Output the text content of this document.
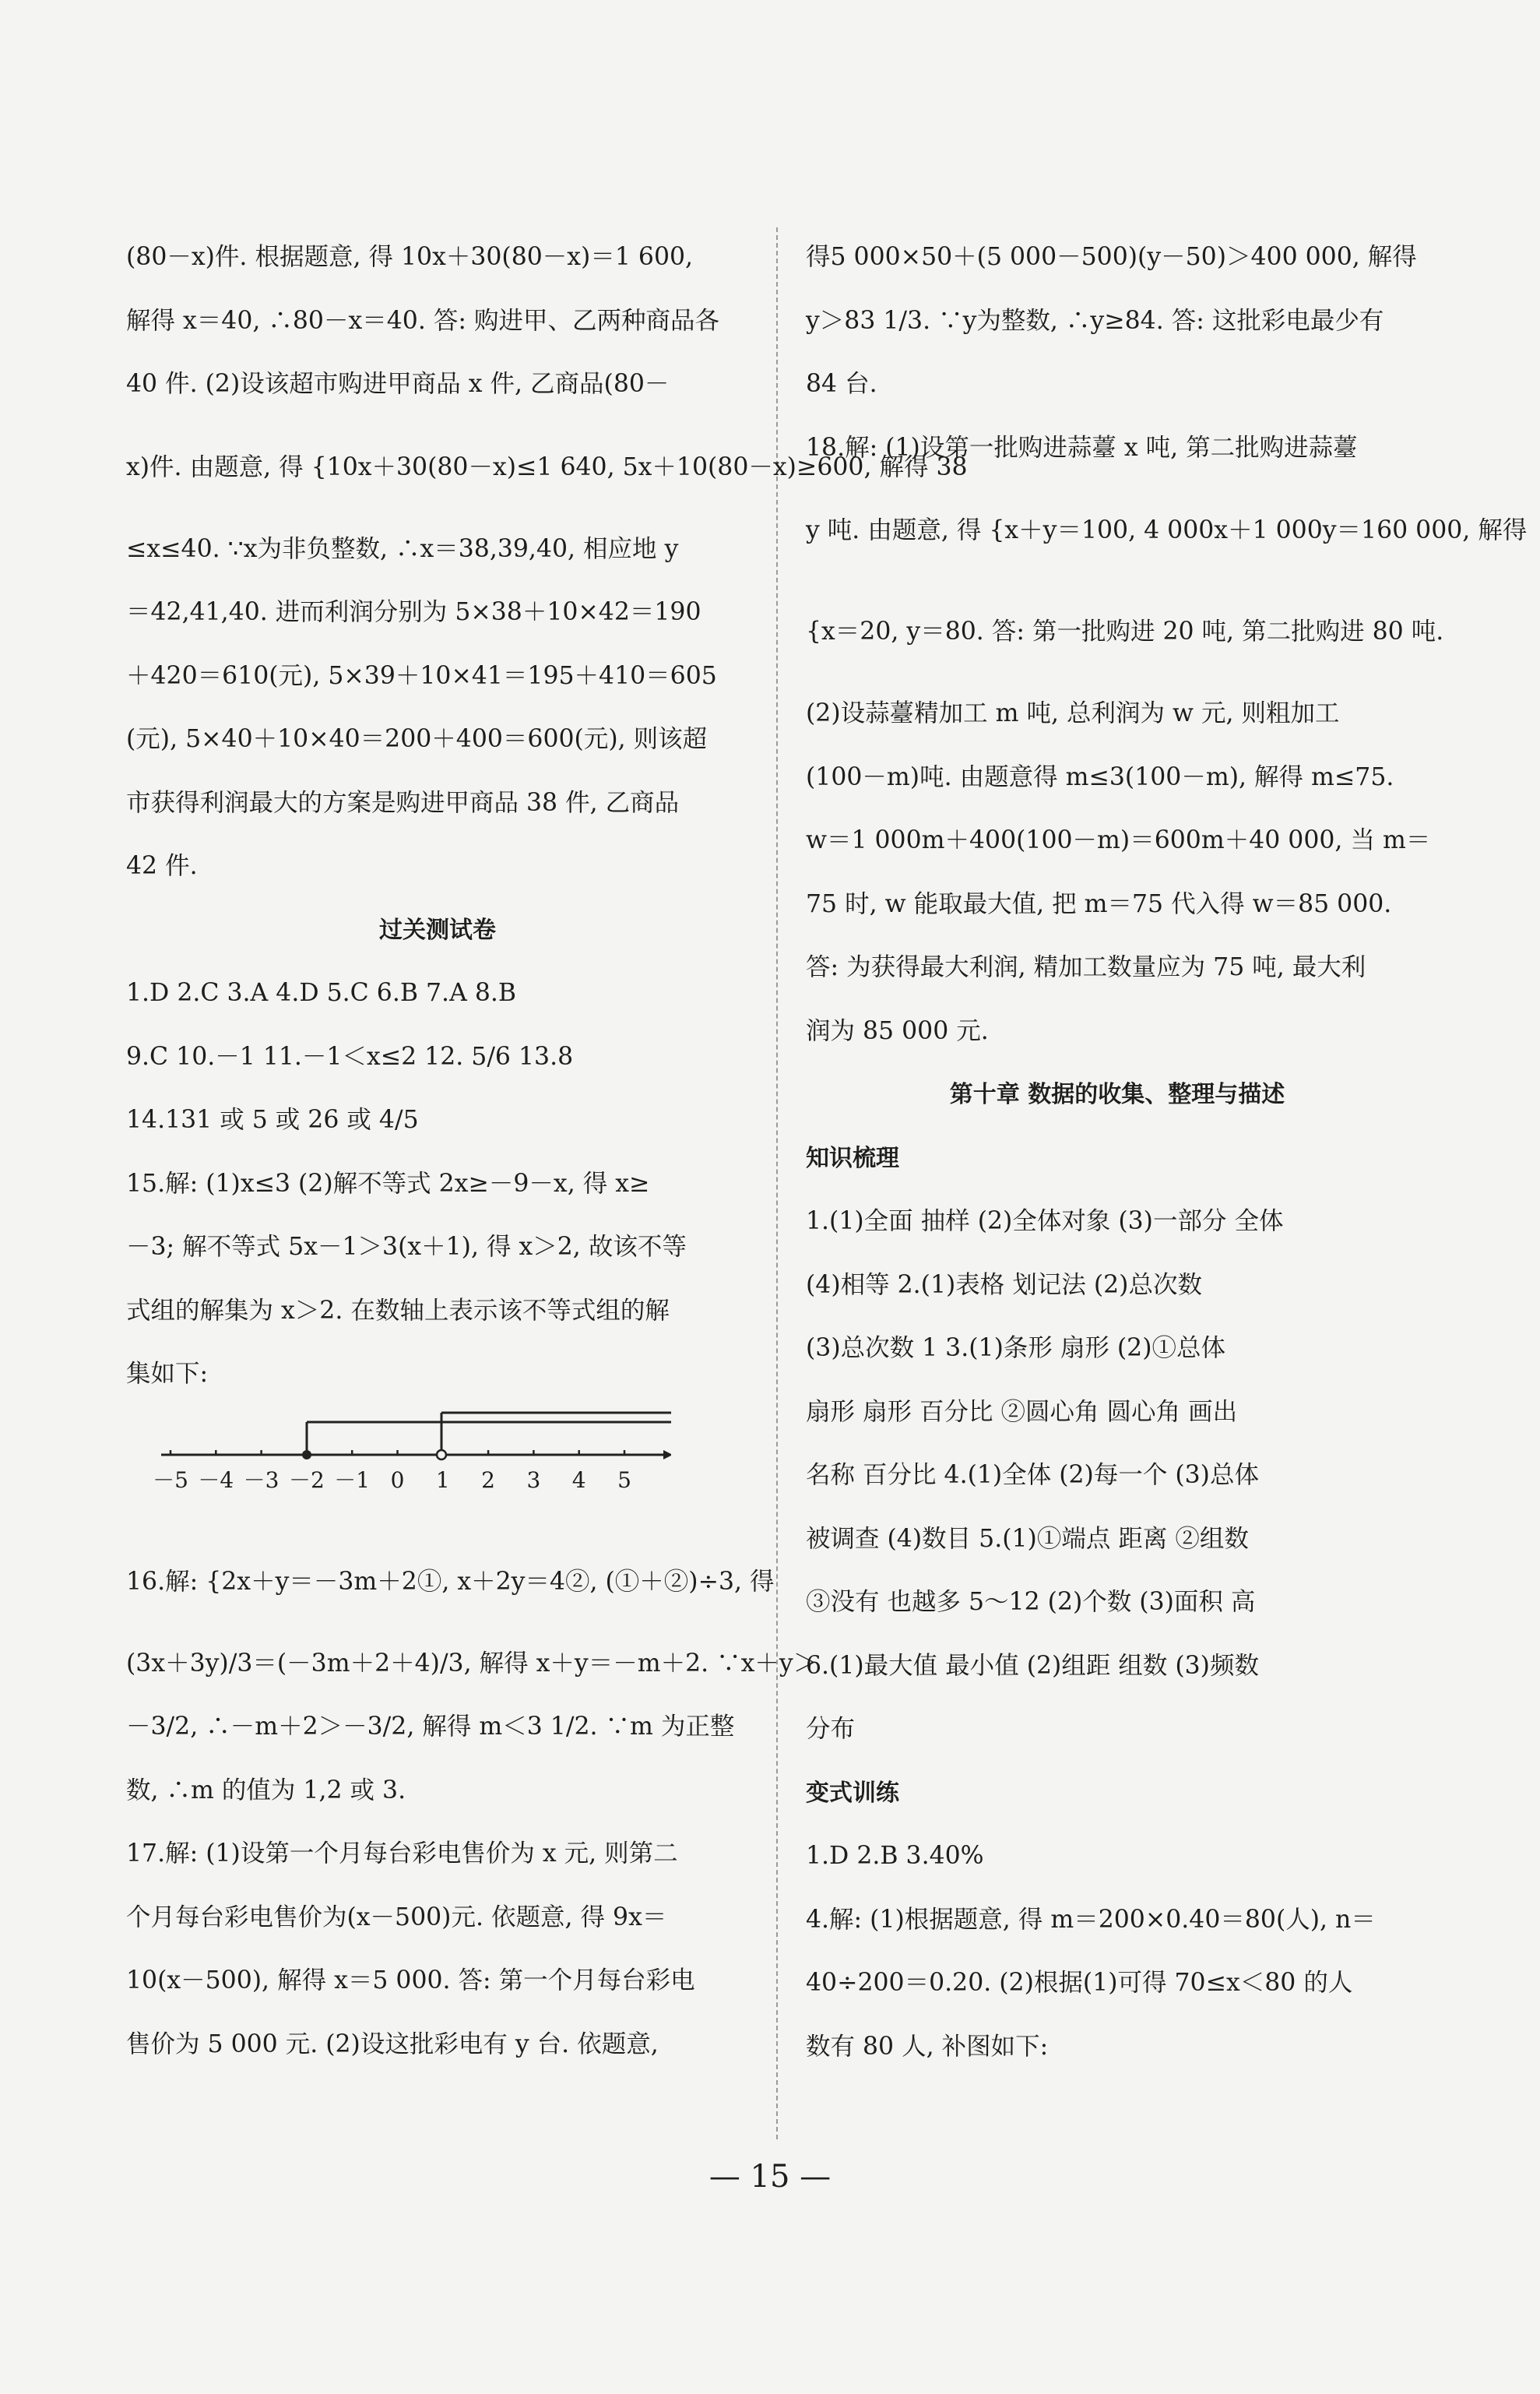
(80－x)件. 根据题意, 得 10x＋30(80－x)＝1 600,
解得 x＝40, ∴80－x＝40. 答: 购进甲、乙两种商品各
40 件. (2)设该超市购进甲商品 x 件, 乙商品(80－
x)件. 由题意, 得 {10x＋30(80－x)≤1 640, 5x＋10(80－x)≥600, 解得 38
≤x≤40. ∵x为非负整数, ∴x＝38,39,40, 相应地 y
＝42,41,40. 进而利润分别为 5×38＋10×42＝190
＋420＝610(元), 5×39＋10×41＝195＋410＝605
(元), 5×40＋10×40＝200＋400＝600(元), 则该超
市获得利润最大的方案是购进甲商品 38 件, 乙商品
42 件.
过关测试卷
1.D 2.C 3.A 4.D 5.C 6.B 7.A 8.B
9.C 10.－1 11.－1＜x≤2 12. 5/6 13.8
14.131 或 5 或 26 或 4/5
15.解: (1)x≤3 (2)解不等式 2x≥－9－x, 得 x≥
－3; 解不等式 5x－1＞3(x＋1), 得 x＞2, 故该不等
式组的解集为 x＞2. 在数轴上表示该不等式组的解
集如下:
－5 －4 －3 －2 －1 0 1 2 3 4 5
16.解: {2x＋y＝－3m＋2①, x＋2y＝4②, (①＋②)÷3, 得
(3x＋3y)/3＝(－3m＋2＋4)/3, 解得 x＋y＝－m＋2. ∵x＋y＞
－3/2, ∴－m＋2＞－3/2, 解得 m＜3 1/2. ∵m 为正整
数, ∴m 的值为 1,2 或 3.
17.解: (1)设第一个月每台彩电售价为 x 元, 则第二
个月每台彩电售价为(x－500)元. 依题意, 得 9x＝
10(x－500), 解得 x＝5 000. 答: 第一个月每台彩电
售价为 5 000 元. (2)设这批彩电有 y 台. 依题意,
得5 000×50＋(5 000－500)(y－50)＞400 000, 解得
y＞83 1/3. ∵y为整数, ∴y≥84. 答: 这批彩电最少有
84 台.
18.解: (1)设第一批购进蒜薹 x 吨, 第二批购进蒜薹
y 吨. 由题意, 得 {x＋y＝100, 4 000x＋1 000y＝160 000, 解得
{x＝20, y＝80. 答: 第一批购进 20 吨, 第二批购进 80 吨.
(2)设蒜薹精加工 m 吨, 总利润为 w 元, 则粗加工
(100－m)吨. 由题意得 m≤3(100－m), 解得 m≤75.
w＝1 000m＋400(100－m)＝600m＋40 000, 当 m＝
75 时, w 能取最大值, 把 m＝75 代入得 w＝85 000.
答: 为获得最大利润, 精加工数量应为 75 吨, 最大利
润为 85 000 元.
第十章 数据的收集、整理与描述
知识梳理
1.(1)全面 抽样 (2)全体对象 (3)一部分 全体
(4)相等 2.(1)表格 划记法 (2)总次数
(3)总次数 1 3.(1)条形 扇形 (2)①总体
扇形 扇形 百分比 ②圆心角 圆心角 画出
名称 百分比 4.(1)全体 (2)每一个 (3)总体
被调查 (4)数目 5.(1)①端点 距离 ②组数
③没有 也越多 5～12 (2)个数 (3)面积 高
6.(1)最大值 最小值 (2)组距 组数 (3)频数
分布
变式训练
1.D 2.B 3.40%
4.解: (1)根据题意, 得 m＝200×0.40＝80(人), n＝
40÷200＝0.20. (2)根据(1)可得 70≤x＜80 的人
数有 80 人, 补图如下:
— 15 —
